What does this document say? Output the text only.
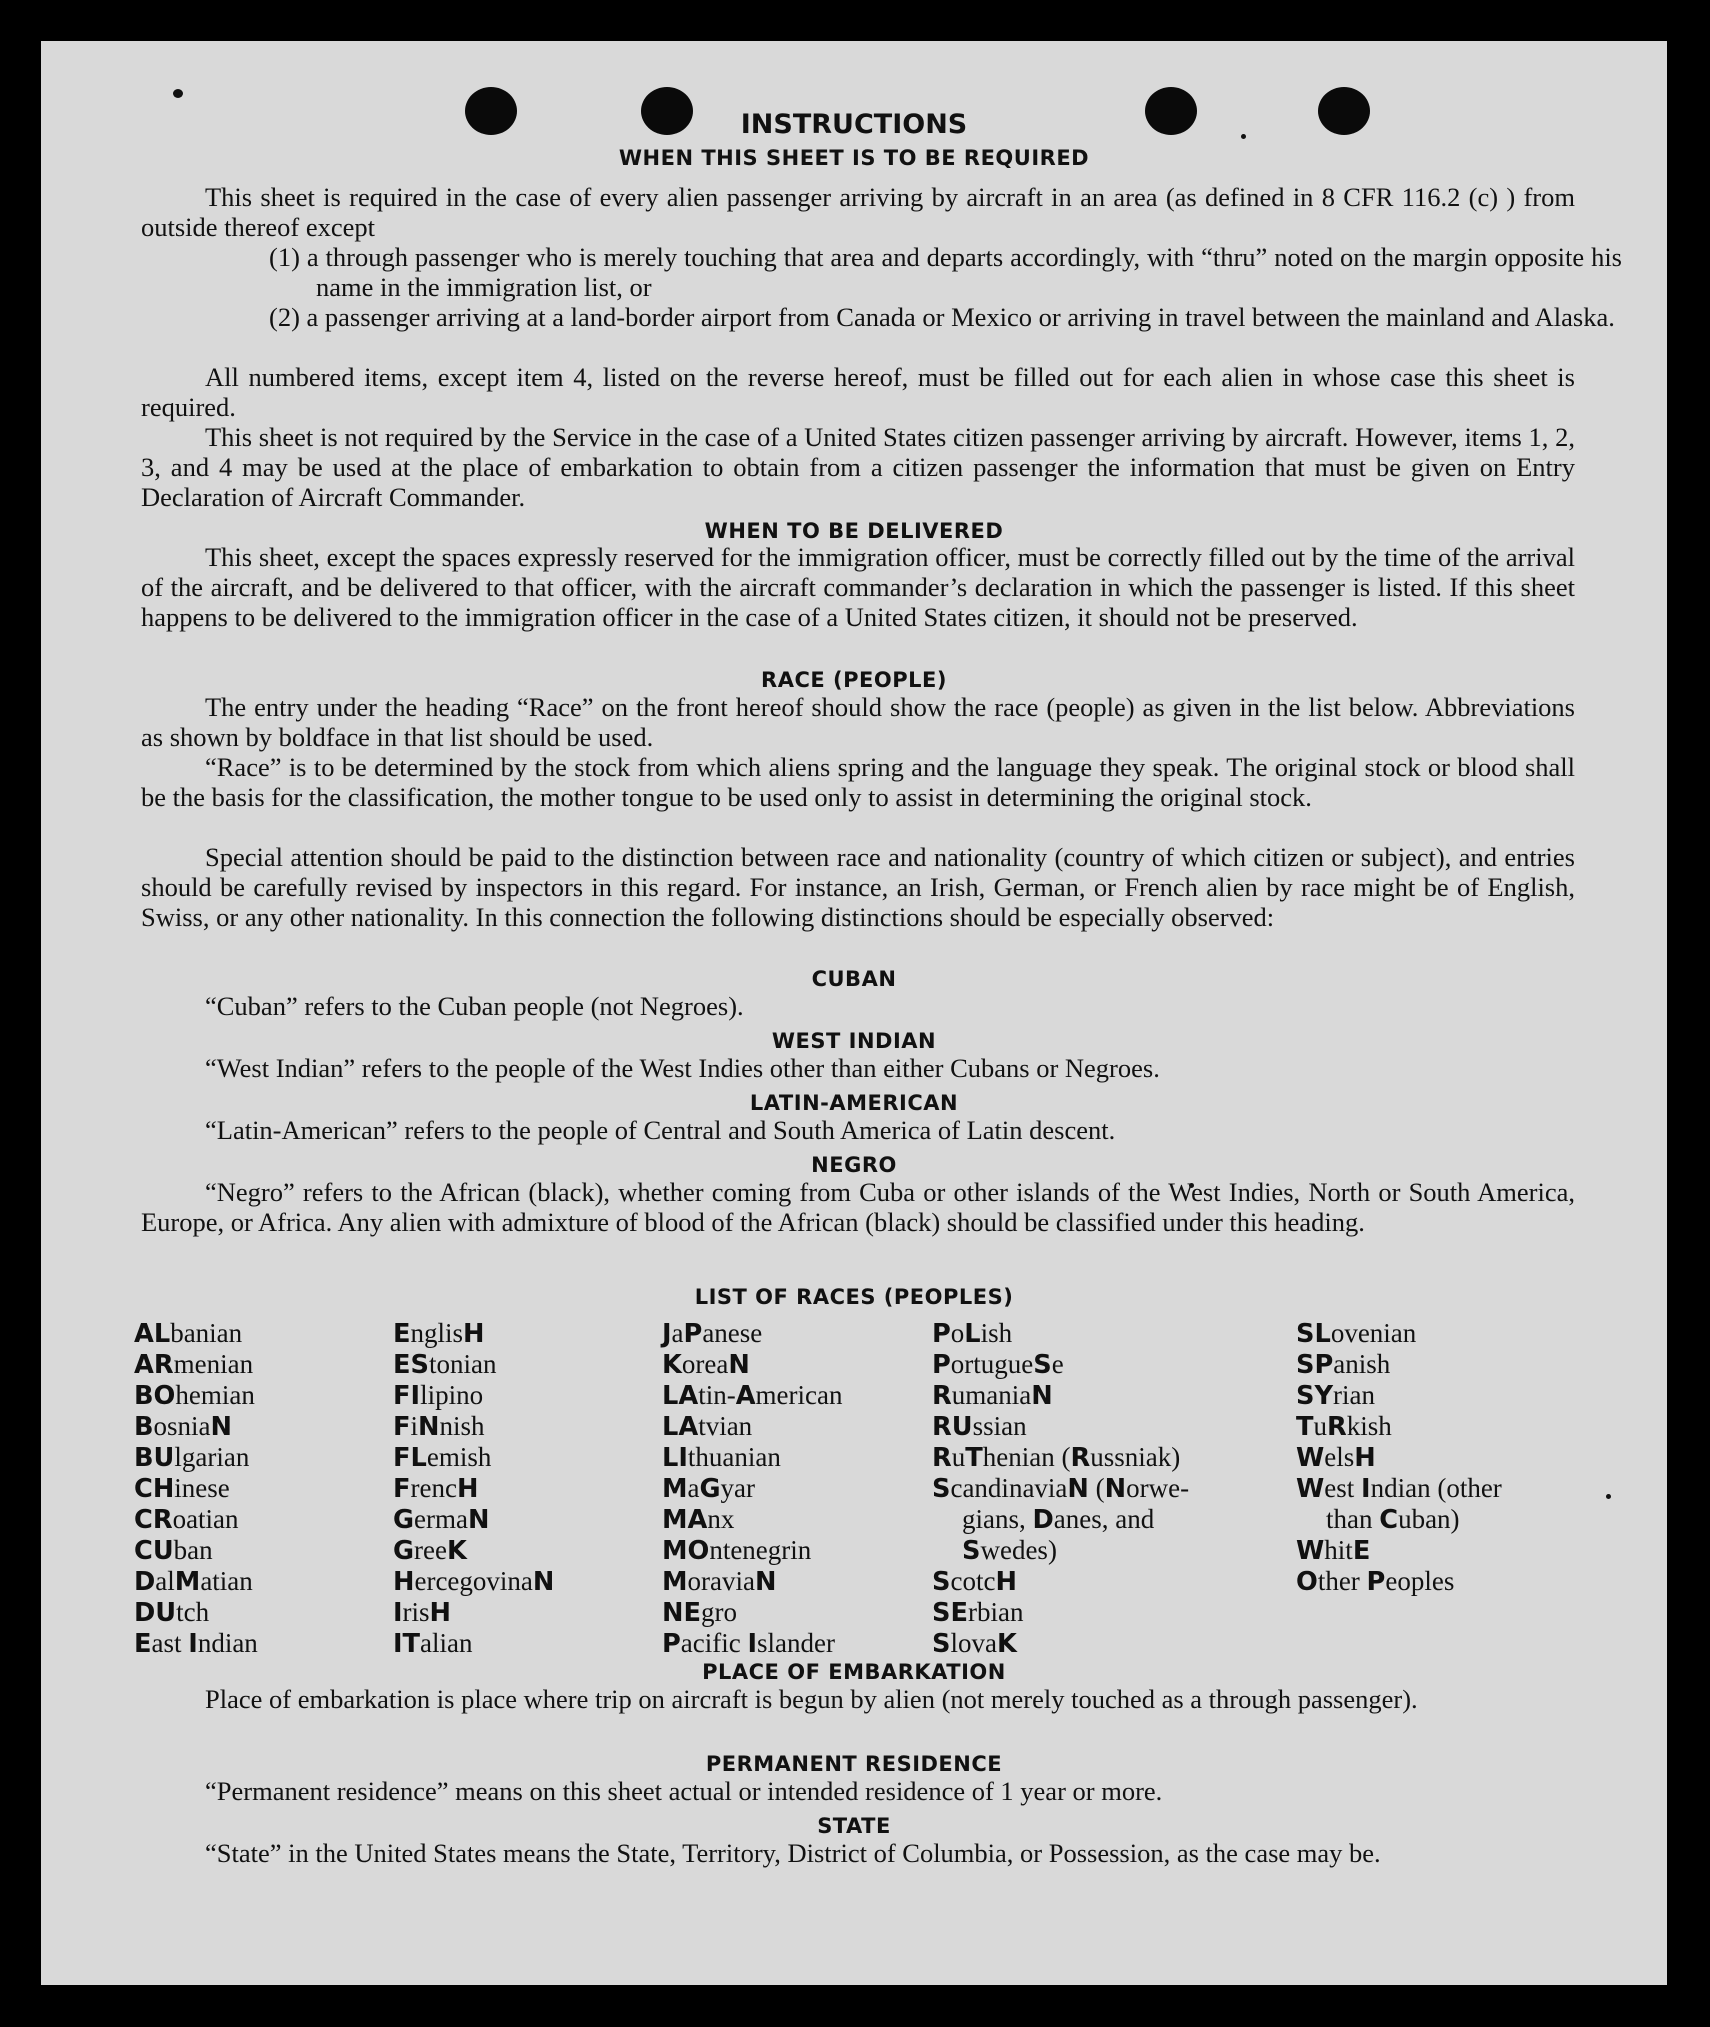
INSTRUCTIONS
WHEN THIS SHEET IS TO BE REQUIRED

This sheet is required in the case of every alien passenger arriving by aircraft in an area (as defined in 8 CFR 116.2 (c) ) from outside thereof except

(1) a through passenger who is merely touching that area and departs accordingly, with “thru” noted on the margin opposite his name in the immigration list, or

(2) a passenger arriving at a land-border airport from Canada or Mexico or arriving in travel between the mainland and Alaska.

All numbered items, except item 4, listed on the reverse hereof, must be filled out for each alien in whose case this sheet is required.

This sheet is not required by the Service in the case of a United States citizen passenger arriving by aircraft. However, items 1, 2, 3, and 4 may be used at the place of embarkation to obtain from a citizen passenger the information that must be given on Entry Declaration of Aircraft Commander.

WHEN TO BE DELIVERED

This sheet, except the spaces expressly reserved for the immigration officer, must be correctly filled out by the time of the arrival of the aircraft, and be delivered to that officer, with the aircraft commander’s declaration in which the passenger is listed. If this sheet happens to be delivered to the immigration officer in the case of a United States citizen, it should not be preserved.

RACE (PEOPLE)

The entry under the heading “Race” on the front hereof should show the race (people) as given in the list below. Abbreviations as shown by boldface in that list should be used.

“Race” is to be determined by the stock from which aliens spring and the language they speak. The original stock or blood shall be the basis for the classification, the mother tongue to be used only to assist in determining the original stock.

Special attention should be paid to the distinction between race and nationality (country of which citizen or subject), and entries should be carefully revised by inspectors in this regard. For instance, an Irish, German, or French alien by race might be of English, Swiss, or any other nationality. In this connection the following distinctions should be especially observed:

CUBAN

“Cuban” refers to the Cuban people (not Negroes).

WEST INDIAN

“West Indian” refers to the people of the West Indies other than either Cubans or Negroes.

LATIN-AMERICAN

“Latin-American” refers to the people of Central and South America of Latin descent.

NEGRO

“Negro” refers to the African (black), whether coming from Cuba or other islands of the West Indies, North or South America, Europe, or Africa. Any alien with admixture of blood of the African (black) should be classified under this heading.

LIST OF RACES (PEOPLES)
ALbanian
ARmenian
BOhemian
BosniaN
BUlgarian
CHinese
CRoatian
CUban
DalMatian
DUtch
East Indian
EnglisH
EStonian
FIlipino
FiNnish
FLemish
FrencH
GermaN
GreeK
HercegovinaN
IrisH
ITalian
JaPanese
KoreaN
LAtin-American
LAtvian
LIthuanian
MaGyar
MAnx
MOntenegrin
MoraviaN
NEgro
Pacific Islander
PoLish
PortugueSe
RumaniaN
RUssian
RuThenian (Russniak)
ScandinaviaN (Norwe-
gians, Danes, and
Swedes)
ScotcH
SErbian
SlovaK
SLovenian
SPanish
SYrian
TuRkish
WelsH
West Indian (other
than Cuban)
WhitE
Other Peoples
PLACE OF EMBARKATION

Place of embarkation is place where trip on aircraft is begun by alien (not merely touched as a through passenger).

PERMANENT RESIDENCE

“Permanent residence” means on this sheet actual or intended residence of 1 year or more.

STATE

“State” in the United States means the State, Territory, District of Columbia, or Possession, as the case may be.
